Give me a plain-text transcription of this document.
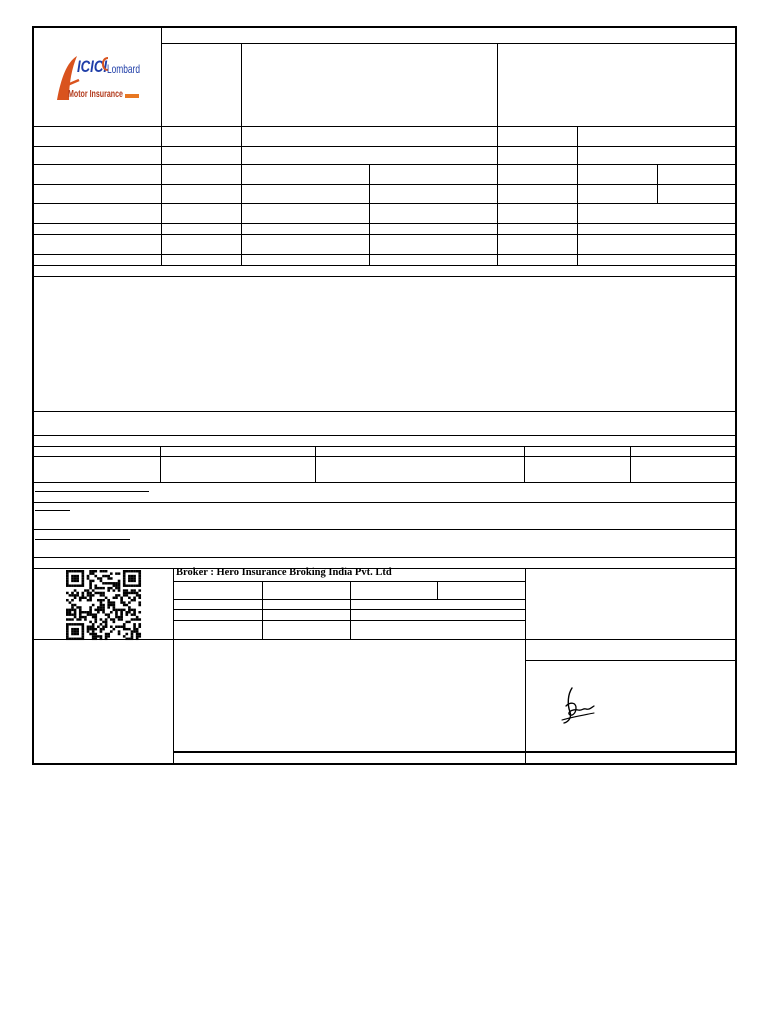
ICICI Lombard
Motor Insurance
Broker : Hero Insurance Broking India Pvt. Ltd
